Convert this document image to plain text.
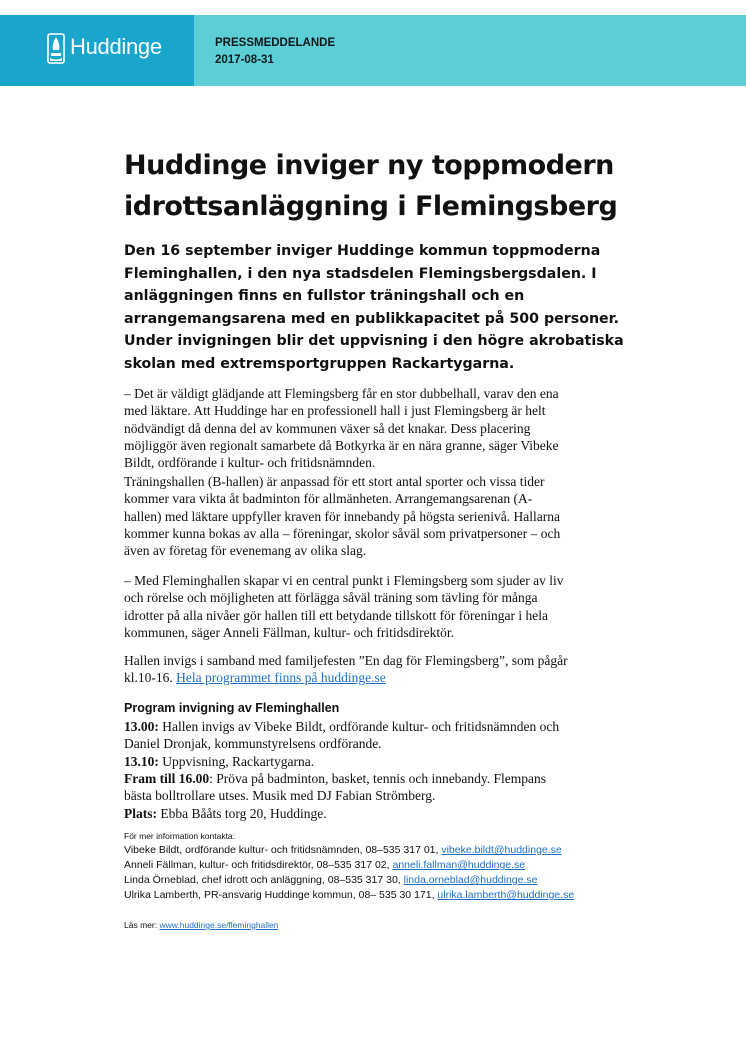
Huddinge	PRESSMEDDELANDE
2017-08-31
Huddinge inviger ny toppmodern
idrottsanläggning i Flemingsberg

Den 16 september inviger Huddinge kommun toppmoderna
Fleminghallen, i den nya stadsdelen Flemingsbergsdalen. I
anläggningen finns en fullstor träningshall och en
arrangemangsarena med en publikkapacitet på 500 personer.
Under invigningen blir det uppvisning i den högre akrobatiska
skolan med extremsportgruppen Rackartygarna.

– Det är väldigt glädjande att Flemingsberg får en stor dubbelhall, varav den ena
med läktare. Att Huddinge har en professionell hall i just Flemingsberg är helt
nödvändigt då denna del av kommunen växer så det knakar. Dess placering
möjliggör även regionalt samarbete då Botkyrka är en nära granne, säger Vibeke
Bildt, ordförande i kultur- och fritidsnämnden.

Träningshallen (B-hallen) är anpassad för ett stort antal sporter och vissa tider
kommer vara vikta åt badminton för allmänheten. Arrangemangsarenan (A-
hallen) med läktare uppfyller kraven för innebandy på högsta serienivå. Hallarna
kommer kunna bokas av alla – föreningar, skolor såväl som privatpersoner – och
även av företag för evenemang av olika slag.

– Med Fleminghallen skapar vi en central punkt i Flemingsberg som sjuder av liv
och rörelse och möjligheten att förlägga såväl träning som tävling för många
idrotter på alla nivåer gör hallen till ett betydande tillskott för föreningar i hela
kommunen, säger Anneli Fällman, kultur- och fritidsdirektör.

Hallen invigs i samband med familjefesten ”En dag för Flemingsberg”, som pågår
kl.10-16. Hela programmet finns på huddinge.se

Program invigning av Fleminghallen

13.00: Hallen invigs av Vibeke Bildt, ordförande kultur- och fritidsnämnden och
Daniel Dronjak, kommunstyrelsens ordförande.

13.10: Uppvisning, Rackartygarna.

Fram till 16.00: Pröva på badminton, basket, tennis och innebandy. Flempans
bästa bolltrollare utses. Musik med DJ Fabian Strömberg.

Plats: Ebba Bååts torg 20, Huddinge.

För mer information kontakta:

Vibeke Bildt, ordförande kultur- och fritidsnämnden, 08–535 317 01, vibeke.bildt@huddinge.se

Anneli Fällman, kultur- och fritidsdirektör, 08–535 317 02, anneli.fallman@huddinge.se

Linda Örneblad, chef idrott och anläggning, 08–535 317 30, linda.orneblad@huddinge.se

Ulrika Lamberth, PR-ansvarig Huddinge kommun, 08– 535 30 171, ulrika.lamberth@huddinge.se

Läs mer: www.huddinge.se/fleminghallen
